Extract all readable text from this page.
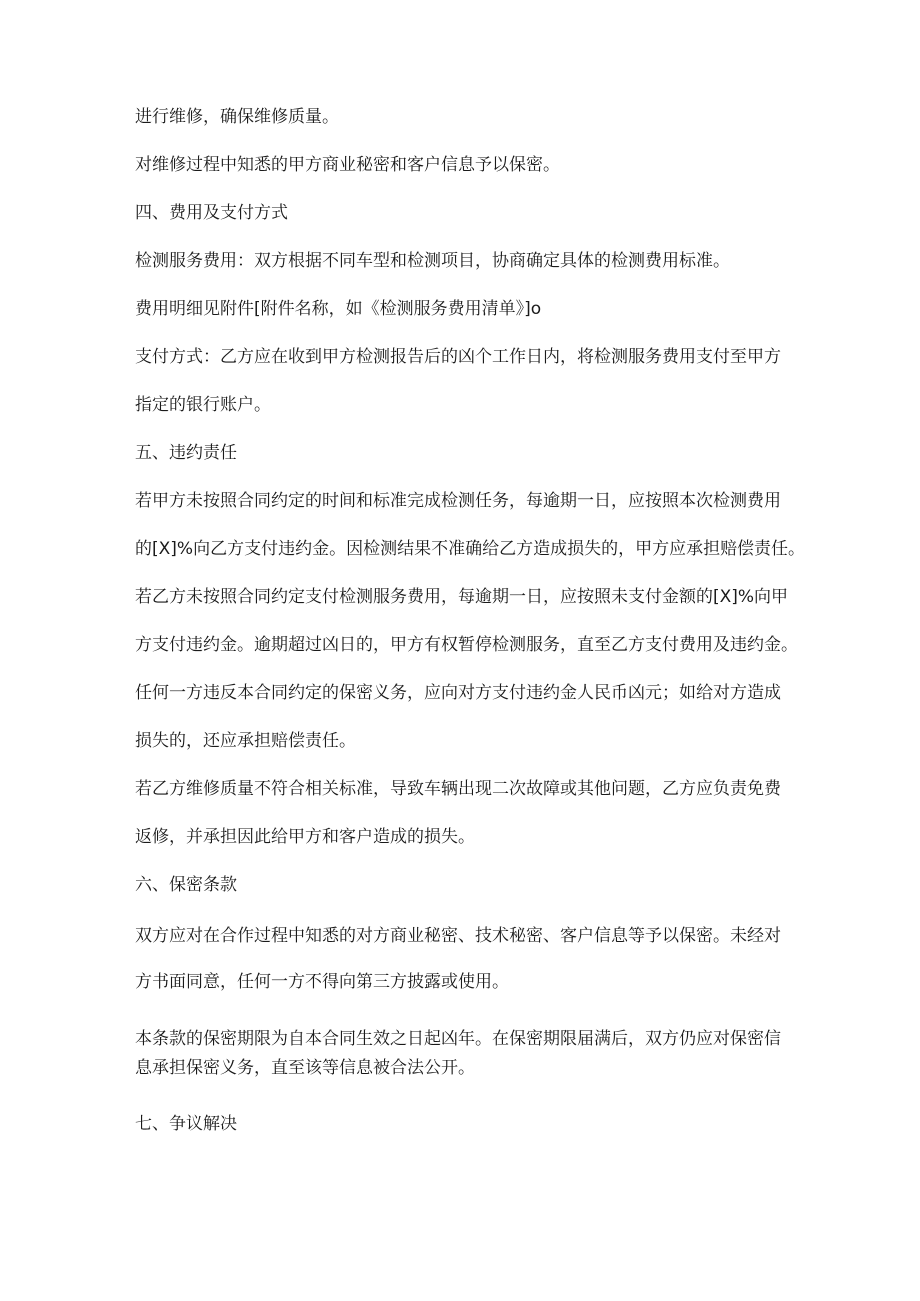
进行维修，确保维修质量。

对维修过程中知悉的甲方商业秘密和客户信息予以保密。

四、费用及支付方式

检测服务费用：双方根据不同车型和检测项目，协商确定具体的检测费用标准。

费用明细见附件[附件名称，如《检测服务费用清单》]o

支付方式：乙方应在收到甲方检测报告后的凶个工作日内，将检测服务费用支付至甲方

指定的银行账户。

五、违约责任

若甲方未按照合同约定的时间和标准完成检测任务，每逾期一日，应按照本次检测费用

的[X]%向乙方支付违约金。因检测结果不准确给乙方造成损失的，甲方应承担赔偿责任。

若乙方未按照合同约定支付检测服务费用，每逾期一日，应按照未支付金额的[X]%向甲

方支付违约金。逾期超过凶日的，甲方有权暂停检测服务，直至乙方支付费用及违约金。

任何一方违反本合同约定的保密义务，应向对方支付违约金人民币凶元；如给对方造成

损失的，还应承担赔偿责任。

若乙方维修质量不符合相关标准，导致车辆出现二次故障或其他问题，乙方应负责免费

返修，并承担因此给甲方和客户造成的损失。

六、保密条款

双方应对在合作过程中知悉的对方商业秘密、技术秘密、客户信息等予以保密。未经对

方书面同意，任何一方不得向第三方披露或使用。

本条款的保密期限为自本合同生效之日起凶年。在保密期限届满后，双方仍应对保密信

息承担保密义务，直至该等信息被合法公开。

七、争议解决
